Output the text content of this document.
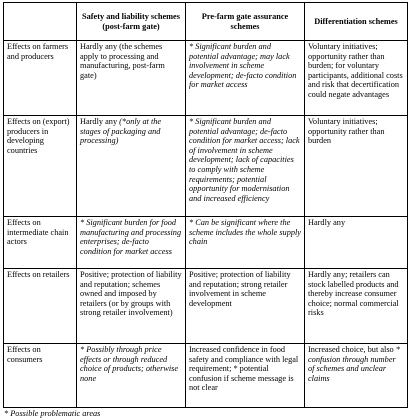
	Safety and liability schemes (post-farm gate)	Pre-farm gate assurance schemes	Differentiation schemes
Effects on farmers and producers	Hardly any (the schemes apply to processing and manufacturing, post-farm gate)	* Significant burden and potential advantage; may lack involvement in scheme development; de-facto condition for market access	Voluntary initiatives; opportunity rather than burden; for voluntary participants, additional costs and risk that decertification could negate advantages
Effects on (export) producers in developing countries	Hardly any (*only at the stages of packaging and processing)	* Significant burden and potential advantage; de-facto condition for market access; lack of involvement in scheme development; lack of capacities to comply with scheme requirements; potential opportunity for modernisation and increased efficiency	Voluntary initiatives; opportunity rather than burden
Effects on intermediate chain actors	* Significant burden for food manufacturing and processing enterprises; de-facto condition for market access	* Can be significant where the scheme includes the whole supply chain	Hardly any
Effects on retailers	Positive; protection of liability and reputation; schemes owned and imposed by retailers (or by groups with strong retailer involvement)	Positive; protection of liability and reputation; strong retailer involvement in scheme development	Hardly any; retailers can stock labelled products and thereby increase consumer choice; normal commercial risks
Effects on consumers	* Possibly through price effects or through reduced choice of products; otherwise none	Increased confidence in food safety and compliance with legal requirement; * potential confusion if scheme message is not clear	Increased choice, but also * confusion through number of schemes and unclear claims
* Possible problematic areas
